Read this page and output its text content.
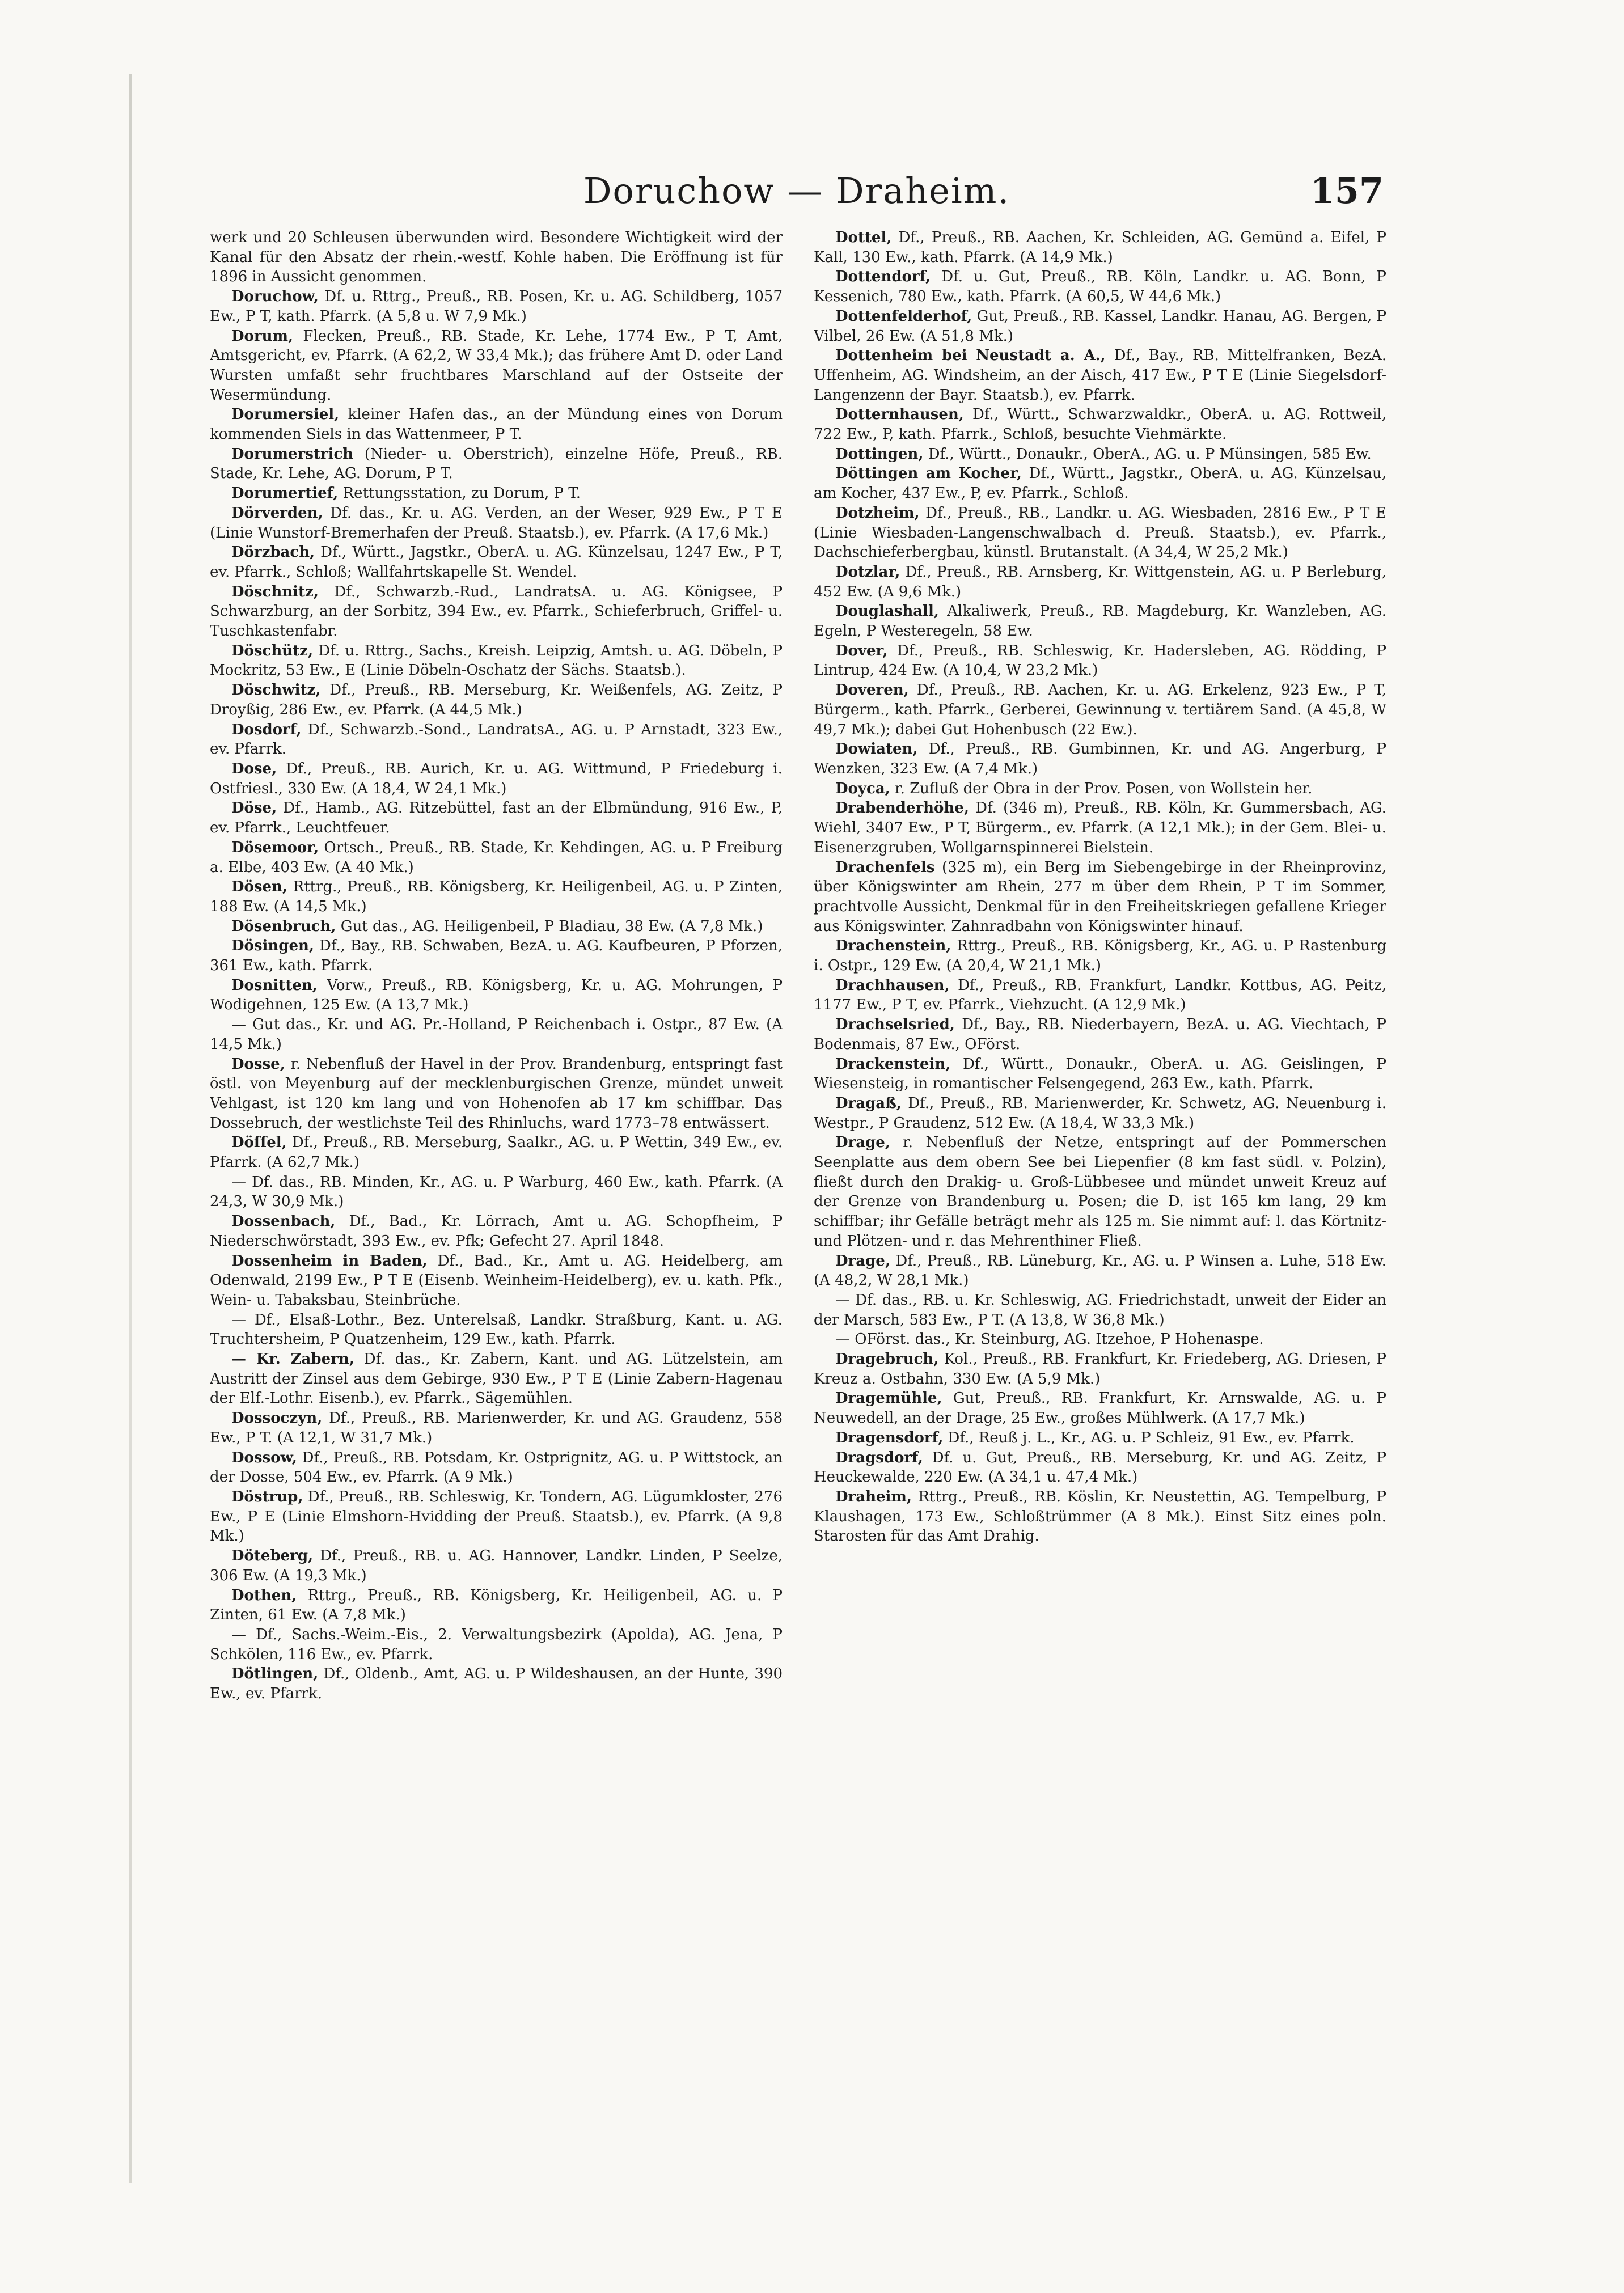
Doruchow — Draheim.	157
werk und 20 Schleusen überwunden wird. Besondere Wichtigkeit wird der Kanal für den Absatz der rhein.-westf. Kohle haben. Die Eröffnung ist für 1896 in Aussicht genommen.
Doruchow, Df. u. Rttrg., Preuß., RB. Posen, Kr. u. AG. Schildberg, 1057 Ew., P T, kath. Pfarrk. (A 5,8 u. W 7,9 Mk.)
Dorum, Flecken, Preuß., RB. Stade, Kr. Lehe, 1774 Ew., P T, Amt, Amtsgericht, ev. Pfarrk. (A 62,2, W 33,4 Mk.); das frühere Amt D. oder Land Wursten umfaßt sehr fruchtbares Marschland auf der Ostseite der Wesermündung.
Dorumersiel, kleiner Hafen das., an der Mündung eines von Dorum kommenden Siels in das Wattenmeer, P T.
Dorumerstrich (Nieder- u. Oberstrich), einzelne Höfe, Preuß., RB. Stade, Kr. Lehe, AG. Dorum, P T.
Dorumertief, Rettungsstation, zu Dorum, P T.
Dörverden, Df. das., Kr. u. AG. Verden, an der Weser, 929 Ew., P T E (Linie Wunstorf-Bremerhafen der Preuß. Staatsb.), ev. Pfarrk. (A 17,6 Mk.)
Dörzbach, Df., Württ., Jagstkr., OberA. u. AG. Künzelsau, 1247 Ew., P T, ev. Pfarrk., Schloß; Wallfahrtskapelle St. Wendel.
Döschnitz, Df., Schwarzb.-Rud., LandratsA. u. AG. Königsee, P Schwarzburg, an der Sorbitz, 394 Ew., ev. Pfarrk., Schieferbruch, Griffel- u. Tuschkastenfabr.
Döschütz, Df. u. Rttrg., Sachs., Kreish. Leipzig, Amtsh. u. AG. Döbeln, P Mockritz, 53 Ew., E (Linie Döbeln-Oschatz der Sächs. Staatsb.).
Döschwitz, Df., Preuß., RB. Merseburg, Kr. Weißenfels, AG. Zeitz, P Droyßig, 286 Ew., ev. Pfarrk. (A 44,5 Mk.)
Dosdorf, Df., Schwarzb.-Sond., LandratsA., AG. u. P Arnstadt, 323 Ew., ev. Pfarrk.
Dose, Df., Preuß., RB. Aurich, Kr. u. AG. Wittmund, P Friedeburg i. Ostfriesl., 330 Ew. (A 18,4, W 24,1 Mk.)
Döse, Df., Hamb., AG. Ritzebüttel, fast an der Elbmündung, 916 Ew., P, ev. Pfarrk., Leuchtfeuer.
Dösemoor, Ortsch., Preuß., RB. Stade, Kr. Kehdingen, AG. u. P Freiburg a. Elbe, 403 Ew. (A 40 Mk.)
Dösen, Rttrg., Preuß., RB. Königsberg, Kr. Heiligenbeil, AG. u. P Zinten, 188 Ew. (A 14,5 Mk.)
Dösenbruch, Gut das., AG. Heiligenbeil, P Bladiau, 38 Ew. (A 7,8 Mk.)
Dösingen, Df., Bay., RB. Schwaben, BezA. u. AG. Kaufbeuren, P Pforzen, 361 Ew., kath. Pfarrk.
Dosnitten, Vorw., Preuß., RB. Königsberg, Kr. u. AG. Mohrungen, P Wodigehnen, 125 Ew. (A 13,7 Mk.)
— Gut das., Kr. und AG. Pr.-Holland, P Reichenbach i. Ostpr., 87 Ew. (A 14,5 Mk.)
Dosse, r. Nebenfluß der Havel in der Prov. Brandenburg, entspringt fast östl. von Meyenburg auf der mecklenburgischen Grenze, mündet unweit Vehlgast, ist 120 km lang und von Hohenofen ab 17 km schiffbar. Das Dossebruch, der westlichste Teil des Rhinluchs, ward 1773–78 entwässert.
Döſſel, Df., Preuß., RB. Merseburg, Saalkr., AG. u. P Wettin, 349 Ew., ev. Pfarrk. (A 62,7 Mk.)
— Df. das., RB. Minden, Kr., AG. u. P Warburg, 460 Ew., kath. Pfarrk. (A 24,3, W 30,9 Mk.)
Dossenbach, Df., Bad., Kr. Lörrach, Amt u. AG. Schopfheim, P Niederschwörstadt, 393 Ew., ev. Pfk; Gefecht 27. April 1848.
Dossenheim in Baden, Df., Bad., Kr., Amt u. AG. Heidelberg, am Odenwald, 2199 Ew., P T E (Eisenb. Weinheim-Heidelberg), ev. u. kath. Pfk., Wein- u. Tabaksbau, Steinbrüche.
— Df., Elsaß-Lothr., Bez. Unterelsaß, Landkr. Straßburg, Kant. u. AG. Truchtersheim, P Quatzenheim, 129 Ew., kath. Pfarrk.
— Kr. Zabern, Df. das., Kr. Zabern, Kant. und AG. Lützelstein, am Austritt der Zinsel aus dem Gebirge, 930 Ew., P T E (Linie Zabern-Hagenau der Elf.-Lothr. Eisenb.), ev. Pfarrk., Sägemühlen.
Dossoczyn, Df., Preuß., RB. Marienwerder, Kr. und AG. Graudenz, 558 Ew., P T. (A 12,1, W 31,7 Mk.)
Dossow, Df., Preuß., RB. Potsdam, Kr. Ostprignitz, AG. u. P Wittstock, an der Dosse, 504 Ew., ev. Pfarrk. (A 9 Mk.)
Döstrup, Df., Preuß., RB. Schleswig, Kr. Tondern, AG. Lügumkloster, 276 Ew., P E (Linie Elmshorn-Hvidding der Preuß. Staatsb.), ev. Pfarrk. (A 9,8 Mk.)
Döteberg, Df., Preuß., RB. u. AG. Hannover, Landkr. Linden, P Seelze, 306 Ew. (A 19,3 Mk.)
Dothen, Rttrg., Preuß., RB. Königsberg, Kr. Heiligenbeil, AG. u. P Zinten, 61 Ew. (A 7,8 Mk.)
— Df., Sachs.-Weim.-Eis., 2. Verwaltungsbezirk (Apolda), AG. Jena, P Schkölen, 116 Ew., ev. Pfarrk.
Dötlingen, Df., Oldenb., Amt, AG. u. P Wildeshausen, an der Hunte, 390 Ew., ev. Pfarrk.
Dottel, Df., Preuß., RB. Aachen, Kr. Schleiden, AG. Gemünd a. Eifel, P Kall, 130 Ew., kath. Pfarrk. (A 14,9 Mk.)
Dottendorf, Df. u. Gut, Preuß., RB. Köln, Landkr. u. AG. Bonn, P Kessenich, 780 Ew., kath. Pfarrk. (A 60,5, W 44,6 Mk.)
Dottenfelderhof, Gut, Preuß., RB. Kassel, Landkr. Hanau, AG. Bergen, P Vilbel, 26 Ew. (A 51,8 Mk.)
Dottenheim bei Neustadt a. A., Df., Bay., RB. Mittelfranken, BezA. Uffenheim, AG. Windsheim, an der Aisch, 417 Ew., P T E (Linie Siegelsdorf-Langenzenn der Bayr. Staatsb.), ev. Pfarrk.
Dotternhausen, Df., Württ., Schwarzwaldkr., OberA. u. AG. Rottweil, 722 Ew., P, kath. Pfarrk., Schloß, besuchte Viehmärkte.
Dottingen, Df., Württ., Donaukr., OberA., AG. u. P Münsingen, 585 Ew.
Döttingen am Kocher, Df., Württ., Jagstkr., OberA. u. AG. Künzelsau, am Kocher, 437 Ew., P, ev. Pfarrk., Schloß.
Dotzheim, Df., Preuß., RB., Landkr. u. AG. Wiesbaden, 2816 Ew., P T E (Linie Wiesbaden-Langenschwalbach d. Preuß. Staatsb.), ev. Pfarrk., Dachschieferbergbau, künstl. Brutanstalt. (A 34,4, W 25,2 Mk.)
Dotzlar, Df., Preuß., RB. Arnsberg, Kr. Wittgenstein, AG. u. P Berleburg, 452 Ew. (A 9,6 Mk.)
Douglashall, Alkaliwerk, Preuß., RB. Magdeburg, Kr. Wanzleben, AG. Egeln, P Westeregeln, 58 Ew.
Dover, Df., Preuß., RB. Schleswig, Kr. Hadersleben, AG. Rödding, P Lintrup, 424 Ew. (A 10,4, W 23,2 Mk.)
Doveren, Df., Preuß., RB. Aachen, Kr. u. AG. Erkelenz, 923 Ew., P T, Bürgerm., kath. Pfarrk., Gerberei, Gewinnung v. tertiärem Sand. (A 45,8, W 49,7 Mk.); dabei Gut Hohenbusch (22 Ew.).
Dowiaten, Df., Preuß., RB. Gumbinnen, Kr. und AG. Angerburg, P Wenzken, 323 Ew. (A 7,4 Mk.)
Doyca, r. Zufluß der Obra in der Prov. Posen, von Wollstein her.
Drabenderhöhe, Df. (346 m), Preuß., RB. Köln, Kr. Gummersbach, AG. Wiehl, 3407 Ew., P T, Bürgerm., ev. Pfarrk. (A 12,1 Mk.); in der Gem. Blei- u. Eisenerzgruben, Wollgarnspinnerei Bielstein.
Drachenfels (325 m), ein Berg im Siebengebirge in der Rheinprovinz, über Königswinter am Rhein, 277 m über dem Rhein, P T im Sommer, prachtvolle Aussicht, Denkmal für in den Freiheitskriegen gefallene Krieger aus Königswinter. Zahnradbahn von Königswinter hinauf.
Drachenstein, Rttrg., Preuß., RB. Königsberg, Kr., AG. u. P Rastenburg i. Ostpr., 129 Ew. (A 20,4, W 21,1 Mk.)
Drachhausen, Df., Preuß., RB. Frankfurt, Landkr. Kottbus, AG. Peitz, 1177 Ew., P T, ev. Pfarrk., Viehzucht. (A 12,9 Mk.)
Drachselsried, Df., Bay., RB. Niederbayern, BezA. u. AG. Viechtach, P Bodenmais, 87 Ew., OFörst.
Drackenstein, Df., Württ., Donaukr., OberA. u. AG. Geislingen, P Wiesensteig, in romantischer Felsengegend, 263 Ew., kath. Pfarrk.
Dragaß, Df., Preuß., RB. Marienwerder, Kr. Schwetz, AG. Neuenburg i. Westpr., P Graudenz, 512 Ew. (A 18,4, W 33,3 Mk.)
Drage, r. Nebenfluß der Netze, entspringt auf der Pommerschen Seenplatte aus dem obern See bei Liepenfier (8 km fast südl. v. Polzin), fließt durch den Drakig- u. Groß-Lübbesee und mündet unweit Kreuz auf der Grenze von Brandenburg u. Posen; die D. ist 165 km lang, 29 km schiffbar; ihr Gefälle beträgt mehr als 125 m. Sie nimmt auf: l. das Körtnitz- und Plötzen- und r. das Mehrenthiner Fließ.
Drage, Df., Preuß., RB. Lüneburg, Kr., AG. u. P Winsen a. Luhe, 518 Ew. (A 48,2, W 28,1 Mk.)
— Df. das., RB. u. Kr. Schleswig, AG. Friedrichstadt, unweit der Eider an der Marsch, 583 Ew., P T. (A 13,8, W 36,8 Mk.)
— OFörst. das., Kr. Steinburg, AG. Itzehoe, P Hohenaspe.
Dragebruch, Kol., Preuß., RB. Frankfurt, Kr. Friedeberg, AG. Driesen, P Kreuz a. Ostbahn, 330 Ew. (A 5,9 Mk.)
Dragemühle, Gut, Preuß., RB. Frankfurt, Kr. Arnswalde, AG. u. P Neuwedell, an der Drage, 25 Ew., großes Mühlwerk. (A 17,7 Mk.)
Dragensdorf, Df., Reuß j. L., Kr., AG. u. P Schleiz, 91 Ew., ev. Pfarrk.
Dragsdorf, Df. u. Gut, Preuß., RB. Merseburg, Kr. und AG. Zeitz, P Heuckewalde, 220 Ew. (A 34,1 u. 47,4 Mk.)
Draheim, Rttrg., Preuß., RB. Köslin, Kr. Neustettin, AG. Tempelburg, P Klaushagen, 173 Ew., Schloßtrümmer (A 8 Mk.). Einst Sitz eines poln. Starosten für das Amt Drahig.
